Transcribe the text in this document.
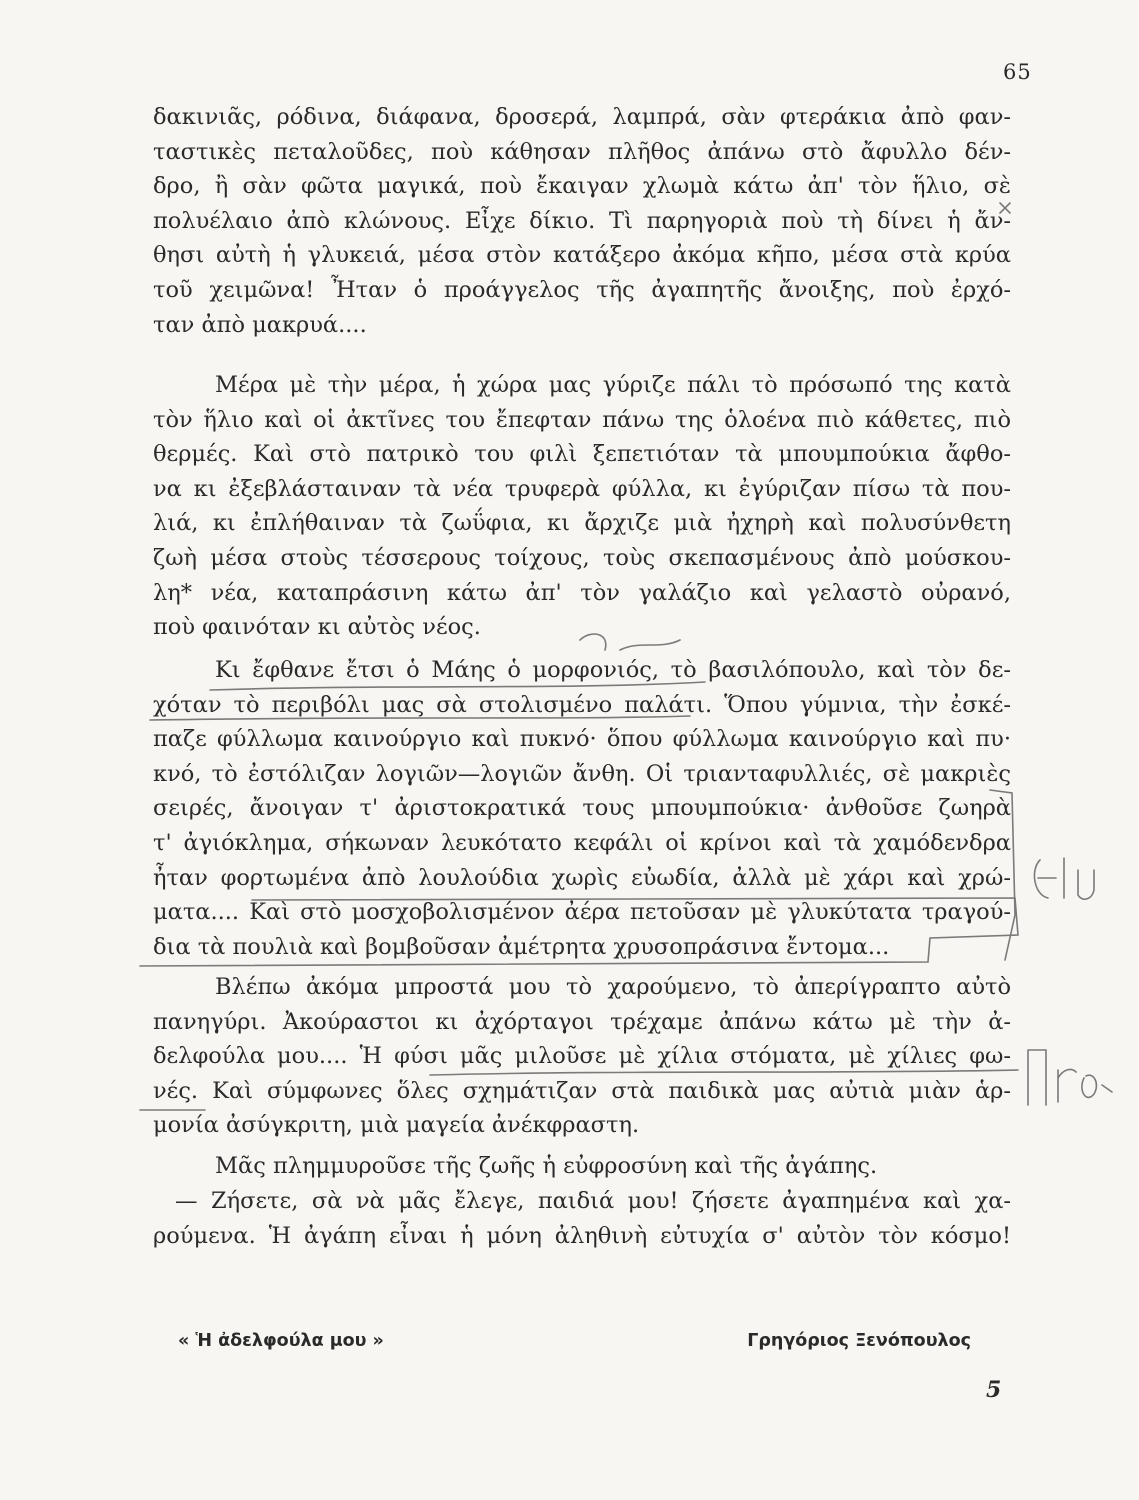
65
δακινιᾶς, ρόδινα, διάφανα, δροσερά, λαμπρά, σὰν φτεράκια ἀπὸ φαν-
ταστικὲς πεταλοῦδες, ποὺ κάθησαν πλῆθος ἀπάνω στὸ ἄφυλλο δέν-
δρο, ἢ σὰν φῶτα μαγικά, ποὺ ἔκαιγαν χλωμὰ κάτω ἀπ' τὸν ἥλιο, σὲ
πολυέλαιο ἀπὸ κλώνους. Εἶχε δίκιο. Τὶ παρηγοριὰ ποὺ τὴ δίνει ἡ ἄν-
θησι αὐτὴ ἡ γλυκειά, μέσα στὸν κατάξερο ἀκόμα κῆπο, μέσα στὰ κρύα
τοῦ χειμῶνα! Ἦταν ὁ προάγγελος τῆς ἀγαπητῆς ἄνοιξης, ποὺ ἐρχό-
ταν ἀπὸ μακρυά....
Μέρα μὲ τὴν μέρα, ἡ χώρα μας γύριζε πάλι τὸ πρόσωπό της κατὰ
τὸν ἥλιο καὶ οἱ ἀκτῖνες του ἔπεφταν πάνω της ὁλοένα πιὸ κάθετες, πιὸ
θερμές. Καὶ στὸ πατρικὸ του φιλὶ ξεπετιόταν τὰ μπουμπούκια ἄφθο-
να κι ἐξεβλάσταιναν τὰ νέα τρυφερὰ φύλλα, κι ἐγύριζαν πίσω τὰ που-
λιά, κι ἐπλήθαιναν τὰ ζωΰφια, κι ἄρχιζε μιὰ ἠχηρὴ καὶ πολυσύνθετη
ζωὴ μέσα στοὺς τέσσερους τοίχους, τοὺς σκεπασμένους ἀπὸ μούσκου-
λη* νέα, καταπράσινη κάτω ἀπ' τὸν γαλάζιο καὶ γελαστὸ οὐρανό,
ποὺ φαινόταν κι αὐτὸς νέος.
Κι ἔφθανε ἔτσι ὁ Μάης ὁ μορφονιός, τὸ βασιλόπουλο, καὶ τὸν δε-
χόταν τὸ περιβόλι μας σὰ στολισμένο παλάτι. Ὅπου γύμνια, τὴν ἐσκέ-
παζε φύλλωμα καινούργιο καὶ πυκνό· ὅπου φύλλωμα καινούργιο καὶ πυ·
κνό, τὸ ἐστόλιζαν λογιῶν—λογιῶν ἄνθη. Οἱ τριανταφυλλιές, σὲ μακριὲς
σειρές, ἄνοιγαν τ' ἀριστοκρατικά τους μπουμπούκια· ἀνθοῦσε ζωηρὰ
τ' ἀγιόκλημα, σήκωναν λευκότατο κεφάλι οἱ κρίνοι καὶ τὰ χαμόδενδρα
ἦταν φορτωμένα ἀπὸ λουλούδια χωρὶς εὐωδία, ἀλλὰ μὲ χάρι καὶ χρώ-
ματα.... Καὶ στὸ μοσχοβολισμένον ἀέρα πετοῦσαν μὲ γλυκύτατα τραγού-
δια τὰ πουλιὰ καὶ βομβοῦσαν ἀμέτρητα χρυσοπράσινα ἔντομα...
Βλέπω ἀκόμα μπροστά μου τὸ χαρούμενο, τὸ ἀπερίγραπτο αὐτὸ
πανηγύρι. Ἀκούραστοι κι ἀχόρταγοι τρέχαμε ἀπάνω κάτω μὲ τὴν ἀ-
δελφούλα μου.... Ἡ φύσι μᾶς μιλοῦσε μὲ χίλια στόματα, μὲ χίλιες φω-
νές. Καὶ σύμφωνες ὅλες σχημάτιζαν στὰ παιδικὰ μας αὐτιὰ μιὰν ἁρ-
μονία ἀσύγκριτη, μιὰ μαγεία ἀνέκφραστη.
Μᾶς πλημμυροῦσε τῆς ζωῆς ἡ εὐφροσύνη καὶ τῆς ἀγάπης.
— Ζήσετε, σὰ νὰ μᾶς ἔλεγε, παιδιά μου! ζήσετε ἀγαπημένα καὶ χα-
ρούμενα. Ἡ ἀγάπη εἶναι ἡ μόνη ἀληθινὴ εὐτυχία σ' αὐτὸν τὸν κόσμο!
« Ἡ ἀδελφούλα μου »	Γρηγόριος Ξενόπουλος
5
